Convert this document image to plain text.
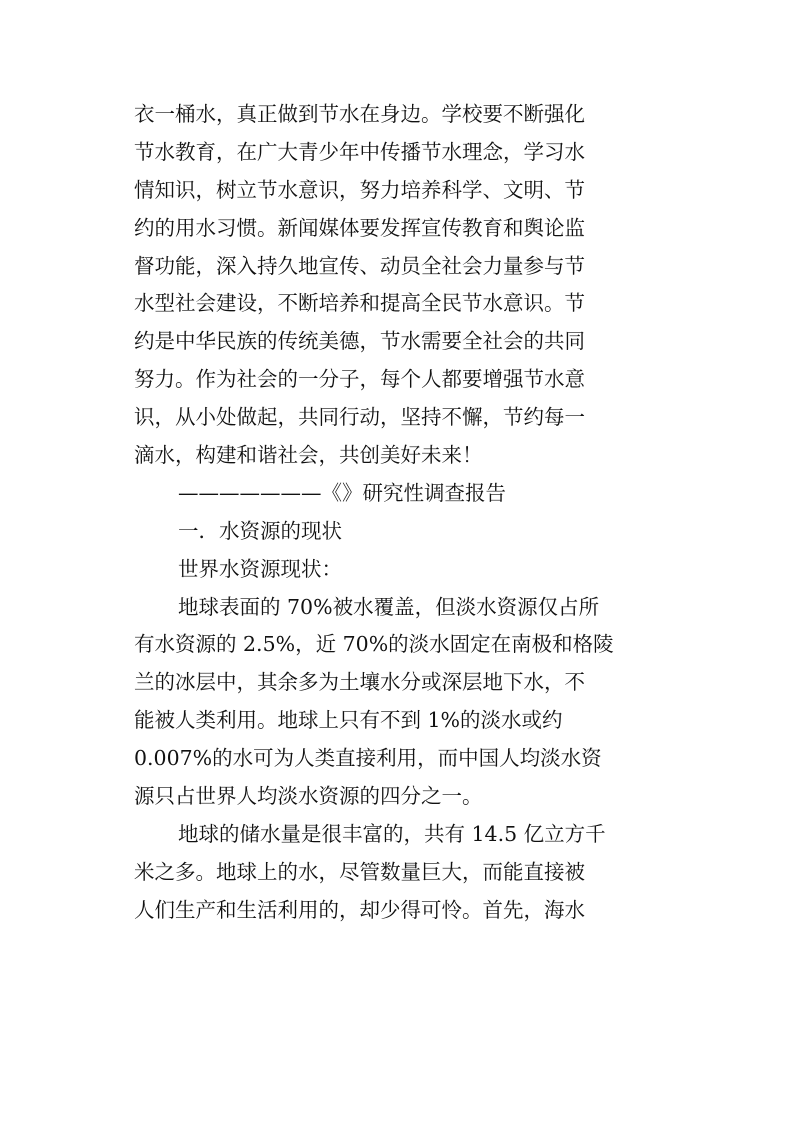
衣一桶水，真正做到节水在身边。学校要不断强化
节水教育，在广大青少年中传播节水理念，学习水
情知识，树立节水意识，努力培养科学、文明、节
约的用水习惯。新闻媒体要发挥宣传教育和舆论监
督功能，深入持久地宣传、动员全社会力量参与节
水型社会建设，不断培养和提高全民节水意识。节
约是中华民族的传统美德，节水需要全社会的共同
努力。作为社会的一分子，每个人都要增强节水意
识，从小处做起，共同行动，坚持不懈，节约每一
滴水，构建和谐社会，共创美好未来！
———————《》研究性调查报告
一．水资源的现状
世界水资源现状：
地球表面的 70%被水覆盖，但淡水资源仅占所
有水资源的 2.5%，近 70%的淡水固定在南极和格陵
兰的冰层中，其余多为土壤水分或深层地下水，不
能被人类利用。地球上只有不到 1%的淡水或约
0.007%的水可为人类直接利用，而中国人均淡水资
源只占世界人均淡水资源的四分之一。
地球的储水量是很丰富的，共有 14.5 亿立方千
米之多。地球上的水，尽管数量巨大，而能直接被
人们生产和生活利用的，却少得可怜。首先，海水
